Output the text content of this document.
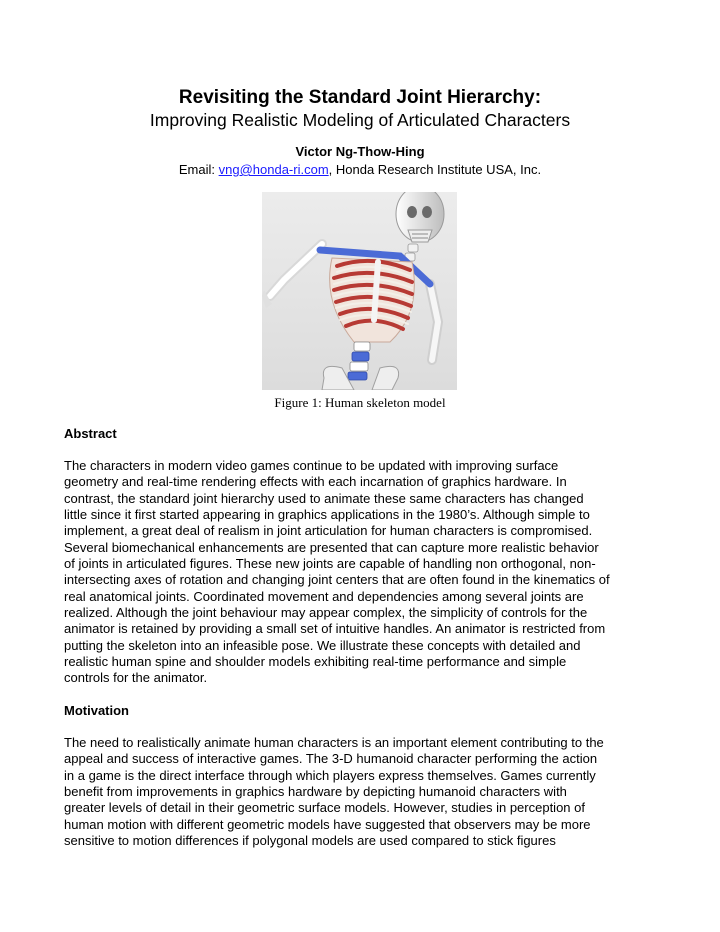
Revisiting the Standard Joint Hierarchy:
Improving Realistic Modeling of Articulated Characters
Victor Ng-Thow-Hing
Email: vng@honda-ri.com, Honda Research Institute USA, Inc.
Figure 1: Human skeleton model
Abstract
The characters in modern video games continue to be updated with improving surface
geometry and real-time rendering effects with each incarnation of graphics hardware. In
contrast, the standard joint hierarchy used to animate these same characters has changed
little since it first started appearing in graphics applications in the 1980’s. Although simple to
implement, a great deal of realism in joint articulation for human characters is compromised.
Several biomechanical enhancements are presented that can capture more realistic behavior
of joints in articulated figures. These new joints are capable of handling non orthogonal, non-
intersecting axes of rotation and changing joint centers that are often found in the kinematics of
real anatomical joints. Coordinated movement and dependencies among several joints are
realized. Although the joint behaviour may appear complex, the simplicity of controls for the
animator is retained by providing a small set of intuitive handles. An animator is restricted from
putting the skeleton into an infeasible pose. We illustrate these concepts with detailed and
realistic human spine and shoulder models exhibiting real-time performance and simple
controls for the animator.
Motivation
The need to realistically animate human characters is an important element contributing to the
appeal and success of interactive games. The 3-D humanoid character performing the action
in a game is the direct interface through which players express themselves. Games currently
benefit from improvements in graphics hardware by depicting humanoid characters with
greater levels of detail in their geometric surface models. However, studies in perception of
human motion with different geometric models have suggested that observers may be more
sensitive to motion differences if polygonal models are used compared to stick figures
